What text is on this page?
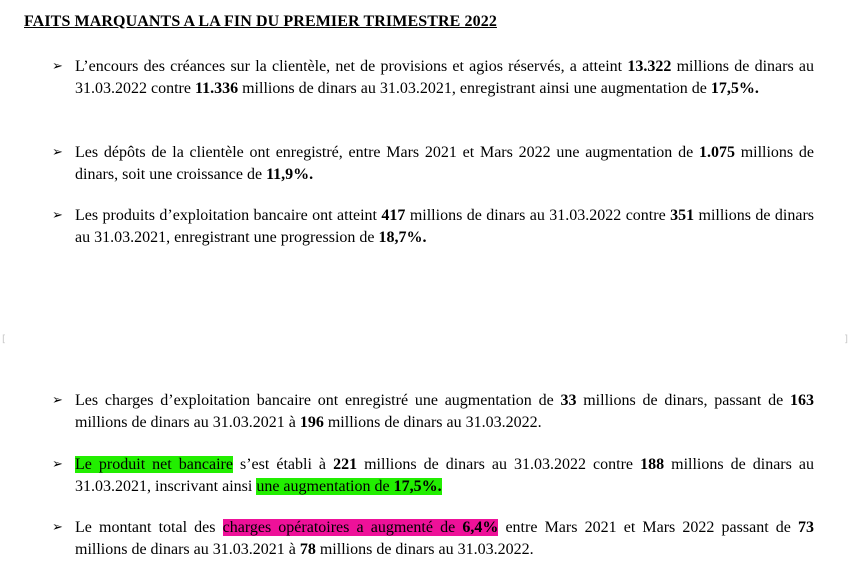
FAITS MARQUANTS A LA FIN DU PREMIER TRIMESTRE 2022
➢ L’encours des créances sur la clientèle, net de provisions et agios réservés, a atteint 13.322 millions de dinars au 31.03.2022 contre 11.336 millions de dinars au 31.03.2021, enregistrant ainsi une augmentation de 17,5%.
➢ Les dépôts de la clientèle ont enregistré, entre Mars 2021 et Mars 2022 une augmentation de 1.075 millions de dinars, soit une croissance de 11,9%.
➢ Les produits d’exploitation bancaire ont atteint 417 millions de dinars au 31.03.2022 contre 351 millions de dinars au 31.03.2021, enregistrant une progression de 18,7%.
[	]
➢ Les charges d’exploitation bancaire ont enregistré une augmentation de 33 millions de dinars, passant de 163 millions de dinars au 31.03.2021 à 196 millions de dinars au 31.03.2022.
➢ Le produit net bancaire s’est établi à 221 millions de dinars au 31.03.2022 contre 188 millions de dinars au 31.03.2021, inscrivant ainsi une augmentation de 17,5%.
➢ Le montant total des charges opératoires a augmenté de 6,4% entre Mars 2021 et Mars 2022 passant de 73 millions de dinars au 31.03.2021 à 78 millions de dinars au 31.03.2022.
